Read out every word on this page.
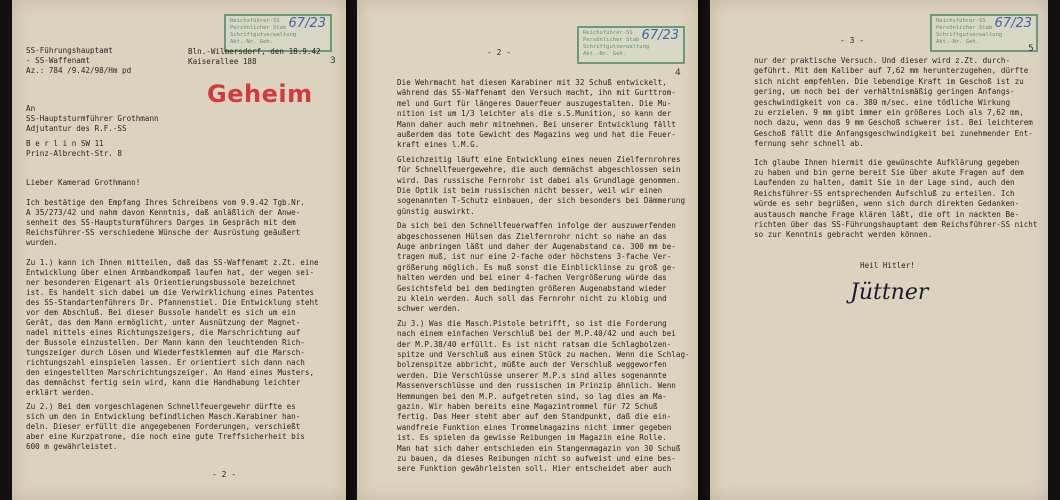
Reichsführer-SS
Persönlicher Stab
Schriftgutverwaltung
Akt.-Nr. Geh.
67/23
3
Geheim
Bln.-Wilmersdorf, den 18.9.42
Kaiserallee 188
SS-Führungshauptamt
- SS-Waffenamt
Az.: 784 /9.42/98/Hm pd
An
SS-Hauptsturmführer Grothmann
Adjutantur des R.F.-SS
B e r l i n SW 11
Prinz-Albrecht-Str. 8
Lieber Kamerad Grothmann!
Ich bestätige den Empfang Ihres Schreibens vom 9.9.42 Tgb.Nr.
A 35/273/42 und nahm davon Kenntnis, daß anläßlich der Anwe-
senheit des SS-Hauptsturmführers Darges im Gespräch mit dem
Reichsführer-SS verschiedene Wünsche der Ausrüstung geäußert
wurden.
Zu 1.) kann ich Ihnen mitteilen, daß das SS-Waffenamt z.Zt. eine
Entwicklung über einen Armbandkompaß laufen hat, der wegen sei-
ner besonderen Eigenart als Orientierungsbussole bezeichnet
ist. Es handelt sich dabei um die Verwirklichung eines Patentes
des SS-Standartenführers Dr. Pfannenstiel. Die Entwicklung steht
vor dem Abschluß. Bei dieser Bussole handelt es sich um ein
Gerät, das dem Mann ermöglicht, unter Ausnützung der Magnet-
nadel mittels eines Richtungszeigers, die Marschrichtung auf
der Bussole einzustellen. Der Mann kann den leuchtenden Rich-
tungszeiger durch Lösen und Wiederfestklemmen auf die Marsch-
richtungszahl einspielen lassen. Er orientiert sich dann nach
den eingestellten Marschrichtungszeiger. An Hand eines Musters,
das demnächst fertig sein wird, kann die Handhabung leichter
erklärt werden.
Zu 2.) Bei dem vorgeschlagenen Schnellfeuergewehr dürfte es
sich um den in Entwicklung befindlichen Masch.Karabiner han-
deln. Dieser erfüllt die angegebenen Forderungen, verschießt
aber eine Kurzpatrone, die noch eine gute Treffsicherheit bis
600 m gewährleistet.
- 2 -
Reichsführer-SS
Persönlicher Stab
Schriftgutverwaltung
Akt.-Nr. Geh.
67/23
- 2 -
4
Die Wehrmacht hat diesen Karabiner mit 32 Schuß entwickelt,
während das SS-Waffenamt den Versuch macht, ihn mit Gurttrom-
mel und Gurt für längeres Dauerfeuer auszugestalten. Die Mu-
nition ist um 1/3 leichter als die s.S.Munition, so kann der
Mann daher auch mehr mitnehmen. Bei unserer Entwicklung fällt
außerdem das tote Gewicht des Magazins weg und hat die Feuer-
kraft eines l.M.G.
Gleichzeitig läuft eine Entwicklung eines neuen Zielfernrohres
für Schnellfeuergewehre, die auch demnächst abgeschlossen sein
wird. Das russische Fernrohr ist dabei als Grundlage genommen.
Die Optik ist beim russischen nicht besser, weil wir einen
sogenannten T-Schutz einbauen, der sich besonders bei Dämmerung
günstig auswirkt.
Da sich bei den Schnellfeuerwaffen infolge der auszuwerfenden
abgeschossenen Hülsen das Zielfernrohr nicht so nahe an das
Auge anbringen läßt und daher der Augenabstand ca. 300 mm be-
tragen muß, ist nur eine 2-fache oder höchstens 3-fache Ver-
größerung möglich. Es muß sonst die Einblicklinse zu groß ge-
halten werden und bei einer 4-fachen Vergrößerung würde das
Gesichtsfeld bei dem bedingten größeren Augenabstand wieder
zu klein werden. Auch soll das Fernrohr nicht zu klobig und
schwer werden.
Zu 3.) Was die Masch.Pistole betrifft, so ist die Forderung
nach einem einfachen Verschluß bei der M.P.40/42 und auch bei
der M.P.38/40 erfüllt. Es ist nicht ratsam die Schlagbolzen-
spitze und Verschluß aus einem Stück zu machen. Wenn die Schlag-
bolzenspitze abbricht, müßte auch der Verschluß weggeworfen
werden. Die Verschlüsse unserer M.P.s sind alles sogenannte
Massenverschlüsse und den russischen im Prinzip ähnlich. Wenn
Hemmungen bei den M.P. aufgetreten sind, so lag dies am Ma-
gazin. Wir haben bereits eine Magazintrommel für 72 Schuß
fertig. Das Heer steht aber auf dem Standpunkt, daß die ein-
wandfreie Funktion eines Trommelmagazins nicht immer gegeben
ist. Es spielen da gewisse Reibungen im Magazin eine Rolle.
Man hat sich daher entschieden ein Stangenmagazin von 30 Schuß
zu bauen, da dieses Reibungen nicht so aufweist und eine bes-
sere Funktion gewährleisten soll. Hier entscheidet aber auch
Reichsführer-SS
Persönlicher Stab
Schriftgutverwaltung
Akt.-Nr. Geh.
67/23
- 3 -
5
nur der praktische Versuch. Und dieser wird z.Zt. durch-
geführt. Mit dem Kaliber auf 7,62 mm herunterzugehen, dürfte
sich nicht empfehlen. Die lebendige Kraft im Geschoß ist zu
gering, um noch bei der verhältnismäßig geringen Anfangs-
geschwindigkeit von ca. 380 m/sec. eine tödliche Wirkung
zu erzielen. 9 mm gibt immer ein größeres Loch als 7,62 mm,
noch dazu, wenn das 9 mm Geschoß schwerer ist. Bei leichterem
Geschoß fällt die Anfangsgeschwindigkeit bei zunehmender Ent-
fernung sehr schnell ab.
Ich glaube Ihnen hiermit die gewünschte Aufklärung gegeben
zu haben und bin gerne bereit Sie über akute Fragen auf dem
Laufenden zu halten, damit Sie in der Lage sind, auch den
Reichsführer-SS entsprechenden Aufschluß zu erteilen. Ich
würde es sehr begrüßen, wenn sich durch direkten Gedanken-
austausch manche Frage klären läßt, die oft in nackten Be-
richten über das SS-Führungshauptamt dem Reichsführer-SS nicht
so zur Kenntnis gebracht werden können.
Heil Hitler!
Jüttner
